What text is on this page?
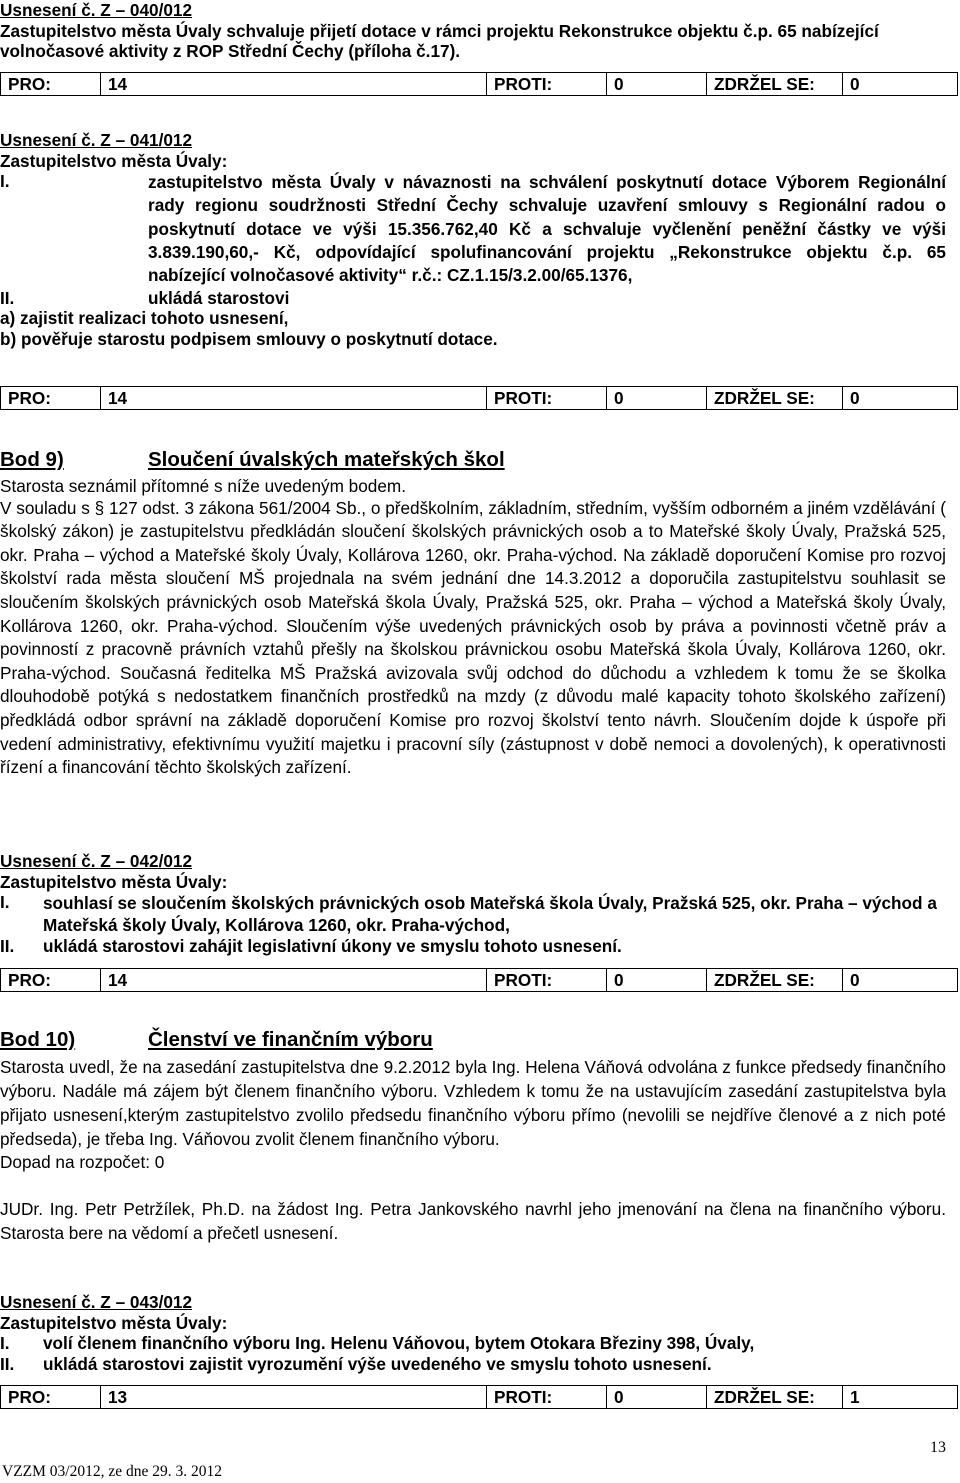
Usnesení č. Z – 040/012

Zastupitelstvo města Úvaly schvaluje přijetí dotace v rámci projektu Rekonstrukce objektu č.p. 65 nabízející volnočasové aktivity z ROP Střední Čechy (příloha č.17).

PRO:	14	PROTI:	0	ZDRŽEL SE:	0

Usnesení č. Z – 041/012

Zastupitelstvo města Úvaly:

I.	zastupitelstvo města Úvaly v návaznosti na schválení poskytnutí dotace Výborem Regionální rady regionu soudržnosti Střední Čechy schvaluje uzavření smlouvy s Regionální radou o poskytnutí dotace ve výši 15.356.762,40 Kč a schvaluje vyčlenění peněžní částky ve výši 3.839.190,60,- Kč, odpovídající spolufinancování projektu „Rekonstrukce objektu č.p. 65 nabízející volnočasové aktivity“ r.č.: CZ.1.15/3.2.00/65.1376,
II.	ukládá starostovi

a) zajistit realizaci tohoto usnesení,

b) pověřuje starostu podpisem smlouvy o poskytnutí dotace.

PRO:	14	PROTI:	0	ZDRŽEL SE:	0
Bod 9)	Sloučení úvalských mateřských škol

Starosta seznámil přítomné s níže uvedeným bodem.

V souladu s § 127 odst. 3 zákona 561/2004 Sb., o předškolním, základním, středním, vyšším odborném a jiném vzdělávání ( školský zákon) je zastupitelstvu předkládán sloučení školských právnických osob a to Mateřské školy Úvaly, Pražská 525, okr. Praha – východ a Mateřské školy Úvaly, Kollárova 1260, okr. Praha-východ. Na základě doporučení Komise pro rozvoj školství rada města sloučení MŠ projednala na svém jednání dne 14.3.2012 a doporučila zastupitelstvu souhlasit se sloučením školských právnických osob Mateřská škola Úvaly, Pražská 525, okr. Praha – východ a Mateřská školy Úvaly, Kollárova 1260, okr. Praha-východ. Sloučením výše uvedených právnických osob by práva a povinnosti včetně práv a povinností z pracovně právních vztahů přešly na školskou právnickou osobu Mateřská škola Úvaly, Kollárova 1260, okr. Praha-východ. Současná ředitelka MŠ Pražská avizovala svůj odchod do důchodu a vzhledem k tomu že se školka dlouhodobě potýká s nedostatkem finančních prostředků na mzdy (z důvodu malé kapacity tohoto školského zařízení) předkládá odbor správní na základě doporučení Komise pro rozvoj školství tento návrh. Sloučením dojde k úspoře při vedení administrativy, efektivnímu využití majetku i pracovní síly (zástupnost v době nemoci a dovolených), k operativnosti řízení a financování těchto školských zařízení.

Usnesení č. Z – 042/012

Zastupitelstvo města Úvaly:

I.	souhlasí se sloučením školských právnických osob Mateřská škola Úvaly, Pražská 525, okr. Praha – východ a Mateřská školy Úvaly, Kollárova 1260, okr. Praha-východ,
II.	ukládá starostovi zahájit legislativní úkony ve smyslu tohoto usnesení.
PRO:	14	PROTI:	0	ZDRŽEL SE:	0
Bod 10)	Členství ve finančním výboru

Starosta uvedl, že na zasedání zastupitelstva dne 9.2.2012 byla Ing. Helena Váňová odvolána z funkce předsedy finančního výboru. Nadále má zájem být členem finančního výboru. Vzhledem k tomu že na ustavujícím zasedání zastupitelstva byla přijato usnesení,kterým zastupitelstvo zvolilo předsedu finančního výboru přímo (nevolili se nejdříve členové a z nich poté předseda), je třeba Ing. Váňovou zvolit členem finančního výboru.

Dopad na rozpočet: 0

JUDr. Ing. Petr Petržílek, Ph.D. na žádost Ing. Petra Jankovského navrhl jeho jmenování na člena na finančního výboru. Starosta bere na vědomí a přečetl usnesení.

Usnesení č. Z – 043/012

Zastupitelstvo města Úvaly:

I.	volí členem finančního výboru Ing. Helenu Váňovou, bytem Otokara Březiny 398, Úvaly,
II.	ukládá starostovi zajistit vyrozumění výše uvedeného ve smyslu tohoto usnesení.
PRO:	13	PROTI:	0	ZDRŽEL SE:	1
13
VZZM 03/2012, ze dne 29. 3. 2012
